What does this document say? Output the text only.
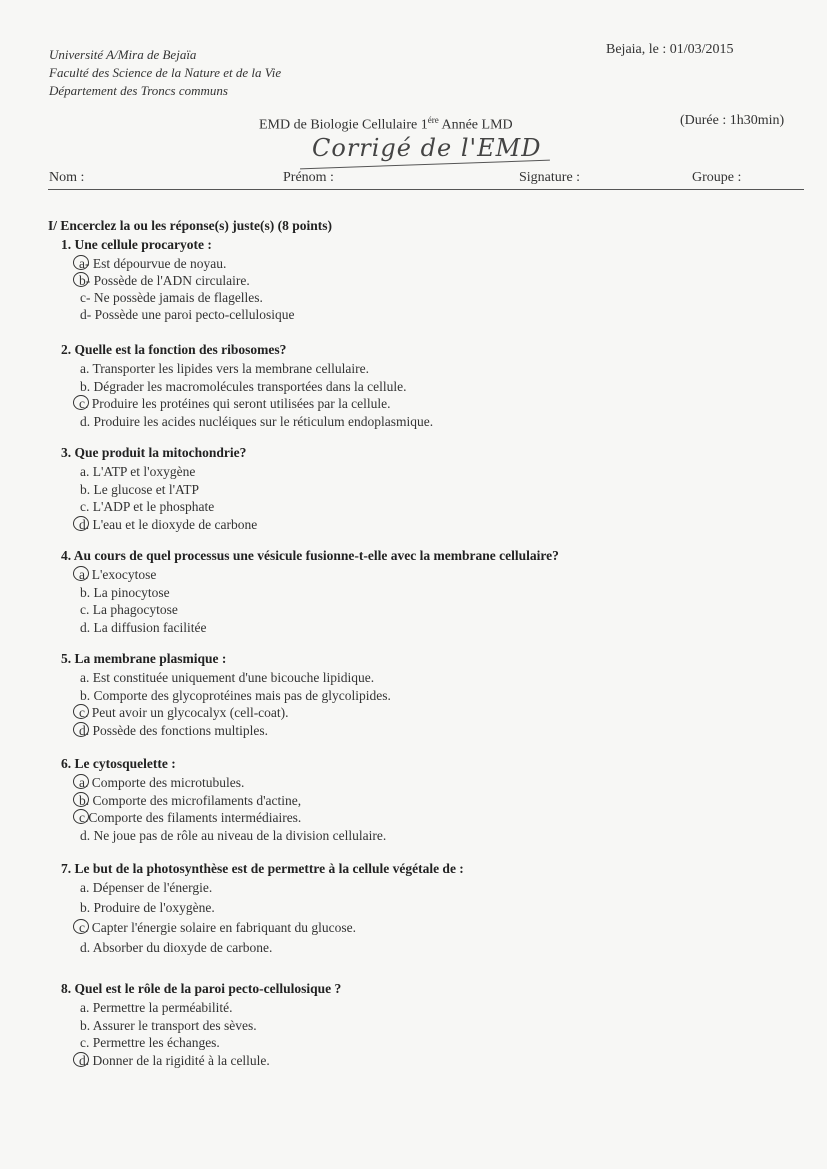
Université A/Mira de Bejaïa
Faculté des Science de la Nature et de la Vie
Département des Troncs communs
Bejaia, le : 01/03/2015
EMD de Biologie Cellulaire $1^{ére}$ Année LMD	(Durée : 1h30min)
Corrigé de l'EMD
Nom :	Prénom :	Signature :	Groupe :
I/ Encerclez la ou les réponse(s) juste(s) (8 points)
1. Une cellule procaryote :
a- Est dépourvue de noyau.
b- Possède de l'ADN circulaire.
c- Ne possède jamais de flagelles.
d- Possède une paroi pecto-cellulosique
2. Quelle est la fonction des ribosomes?
a. Transporter les lipides vers la membrane cellulaire.
b. Dégrader les macromolécules transportées dans la cellule.
c. Produire les protéines qui seront utilisées par la cellule.
d. Produire les acides nucléiques sur le réticulum endoplasmique.
3. Que produit la mitochondrie?
a. L'ATP et l'oxygène
b. Le glucose et l'ATP
c. L'ADP et le phosphate
d. L'eau et le dioxyde de carbone
4. Au cours de quel processus une vésicule fusionne-t-elle avec la membrane cellulaire?
a. L'exocytose
b. La pinocytose
c. La phagocytose
d. La diffusion facilitée
5. La membrane plasmique :
a. Est constituée uniquement d'une bicouche lipidique.
b. Comporte des glycoprotéines mais pas de glycolipides.
c. Peut avoir un glycocalyx (cell-coat).
d. Possède des fonctions multiples.
6. Le cytosquelette :
a. Comporte des microtubules.
b. Comporte des microfilaments d'actine,
c.Comporte des filaments intermédiaires.
d. Ne joue pas de rôle au niveau de la division cellulaire.
7. Le but de la photosynthèse est de permettre à la cellule végétale de :
a. Dépenser de l'énergie.
b. Produire de l'oxygène.
c. Capter l'énergie solaire en fabriquant du glucose.
d. Absorber du dioxyde de carbone.
8. Quel est le rôle de la paroi pecto-cellulosique ?
a. Permettre la perméabilité.
b. Assurer le transport des sèves.
c. Permettre les échanges.
d. Donner de la rigidité à la cellule.
